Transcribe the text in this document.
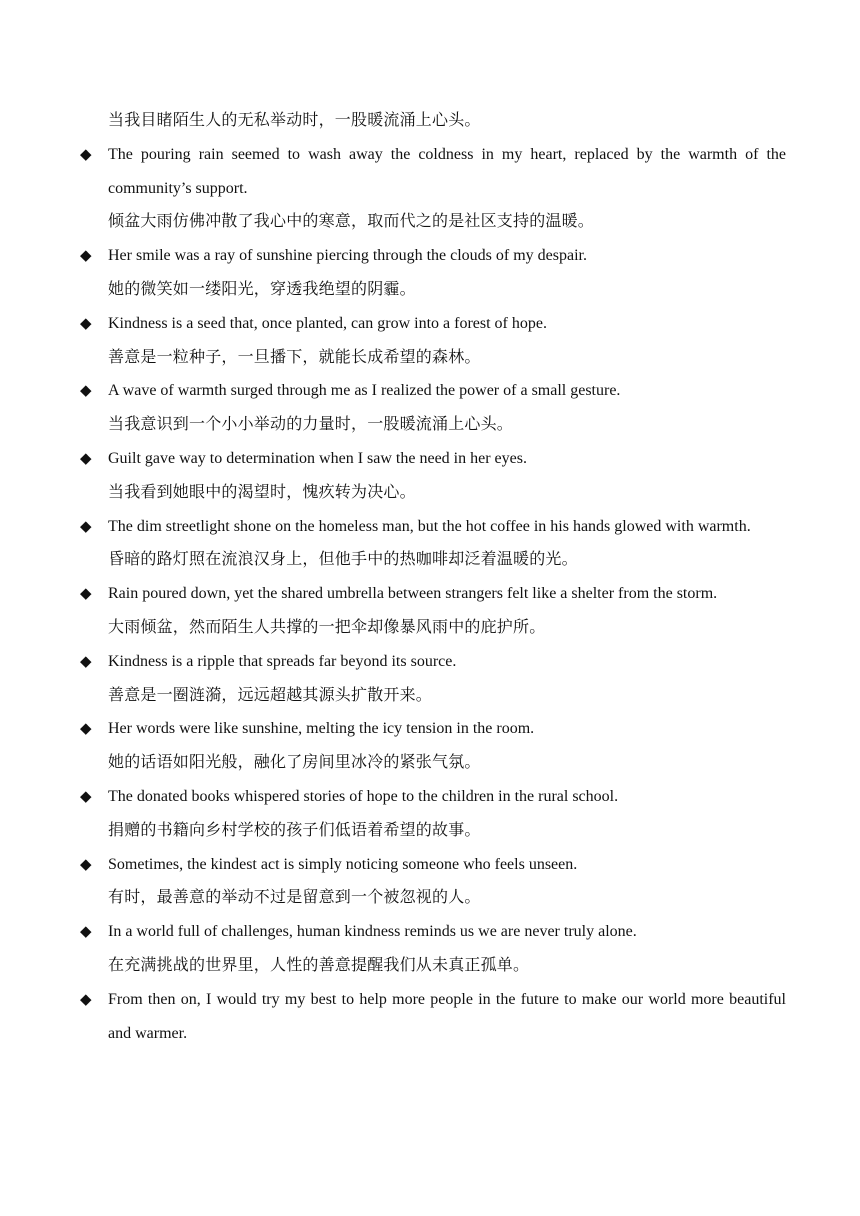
当我目睹陌生人的无私举动时，一股暖流涌上心头。
◆	The pouring rain seemed to wash away the coldness in my heart, replaced by the warmth of the community’s support.
倾盆大雨仿佛冲散了我心中的寒意，取而代之的是社区支持的温暖。
◆	Her smile was a ray of sunshine piercing through the clouds of my despair.
她的微笑如一缕阳光，穿透我绝望的阴霾。
◆	Kindness is a seed that, once planted, can grow into a forest of hope.
善意是一粒种子，一旦播下，就能长成希望的森林。
◆	A wave of warmth surged through me as I realized the power of a small gesture.
当我意识到一个小小举动的力量时，一股暖流涌上心头。
◆	Guilt gave way to determination when I saw the need in her eyes.
当我看到她眼中的渴望时，愧疚转为决心。
◆	The dim streetlight shone on the homeless man, but the hot coffee in his hands glowed with warmth.
昏暗的路灯照在流浪汉身上，但他手中的热咖啡却泛着温暖的光。
◆	Rain poured down, yet the shared umbrella between strangers felt like a shelter from the storm.
大雨倾盆，然而陌生人共撑的一把伞却像暴风雨中的庇护所。
◆	Kindness is a ripple that spreads far beyond its source.
善意是一圈涟漪，远远超越其源头扩散开来。
◆	Her words were like sunshine, melting the icy tension in the room.
她的话语如阳光般，融化了房间里冰冷的紧张气氛。
◆	The donated books whispered stories of hope to the children in the rural school.
捐赠的书籍向乡村学校的孩子们低语着希望的故事。
◆	Sometimes, the kindest act is simply noticing someone who feels unseen.
有时，最善意的举动不过是留意到一个被忽视的人。
◆	In a world full of challenges, human kindness reminds us we are never truly alone.
在充满挑战的世界里，人性的善意提醒我们从未真正孤单。
◆	From then on, I would try my best to help more people in the future to make our world more beautiful and warmer.
